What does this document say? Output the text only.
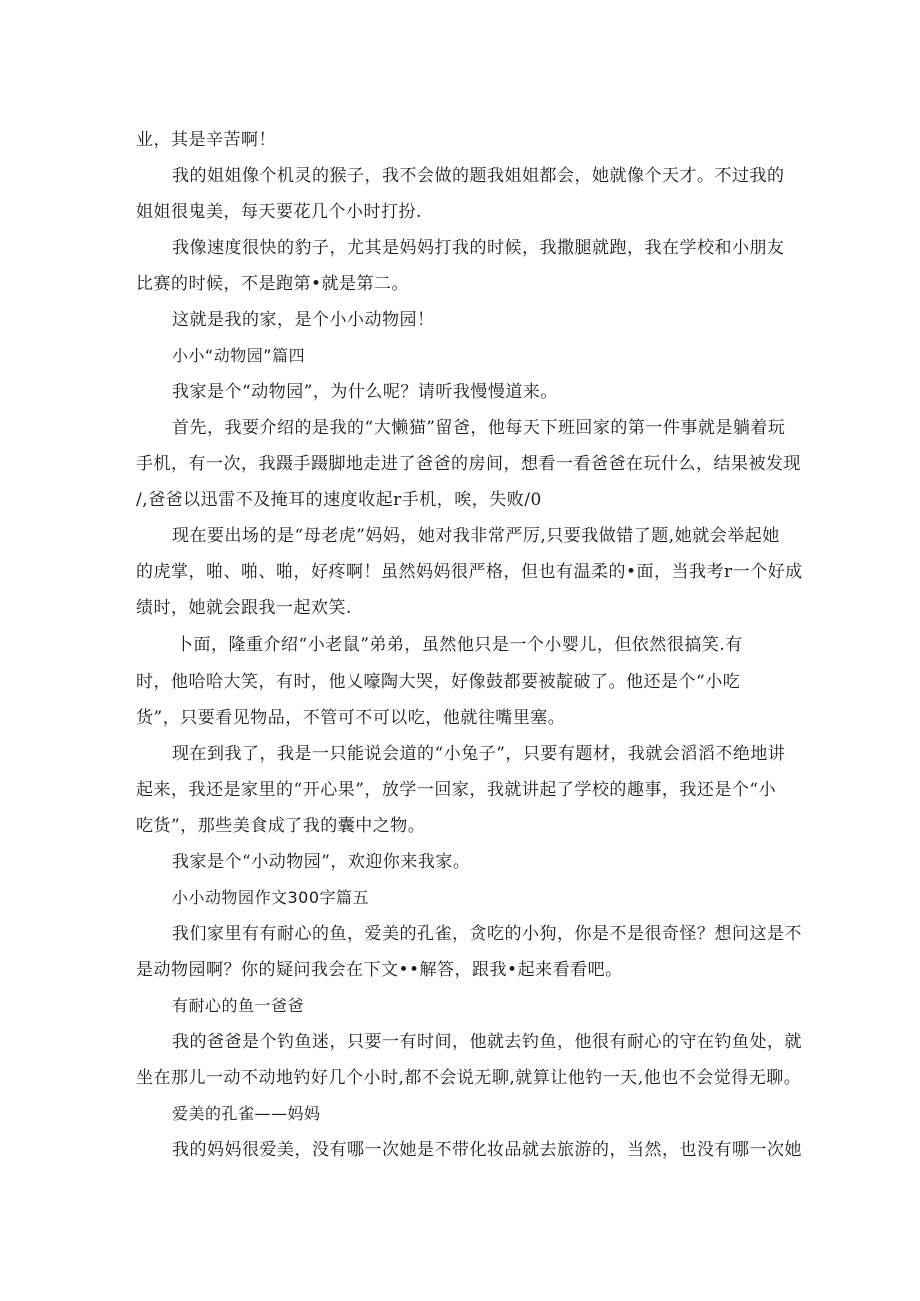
业，其是辛苦啊！
我的姐姐像个机灵的猴子，我不会做的题我姐姐都会，她就像个天才。不过我的
姐姐很鬼美，每天要花几个小时打扮.
我像速度很快的豹子，尤其是妈妈打我的时候，我撒腿就跑，我在学校和小朋友
比赛的时候，不是跑第•就是第二。
这就是我的家，是个小小动物园！
小小“动物园”篇四
我家是个“动物园”，为什么呢？请听我慢慢道来。
首先，我要介绍的是我的“大懒猫”留爸，他每天下班回家的第一件事就是躺着玩
手机，有一次，我蹑手蹑脚地走进了爸爸的房间，想看一看爸爸在玩什么，结果被发现
/,爸爸以迅雷不及掩耳的速度收起r手机，唉，失败/0
现在要出场的是“母老虎”妈妈，她对我非常严厉,只要我做错了题,她就会举起她
的虎掌，啪、啪、啪，好疼啊！虽然妈妈很严格，但也有温柔的•面，当我考r一个好成
绩时，她就会跟我一起欢笑.
卜面，隆重介绍“小老鼠”弟弟，虽然他只是一个小婴儿，但依然很搞笑.有
时，他哈哈大笑，有时，他乂嚎陶大哭，好像鼓都要被靛破了。他还是个“小吃
货”，只要看见物品，不管可不可以吃，他就往嘴里塞。
现在到我了，我是一只能说会道的“小兔子”，只要有题材，我就会滔滔不绝地讲
起来，我还是家里的“开心果”，放学一回家，我就讲起了学校的趣事，我还是个“小
吃货”，那些美食成了我的囊中之物。
我家是个“小动物园”，欢迎你来我家。
小小动物园作文300字篇五
我们家里有有耐心的鱼，爱美的孔雀，贪吃的小狗，你是不是很奇怪？想问这是不
是动物园啊？你的疑问我会在下文••解答，跟我•起来看看吧。
有耐心的鱼一爸爸
我的爸爸是个钓鱼迷，只要一有时间，他就去钓鱼，他很有耐心的守在钓鱼处，就
坐在那儿一动不动地钓好几个小时,都不会说无聊,就算让他钓一天,他也不会觉得无聊。
爱美的孔雀——妈妈
我的妈妈很爱美，没有哪一次她是不带化妆品就去旅游的，当然，也没有哪一次她
